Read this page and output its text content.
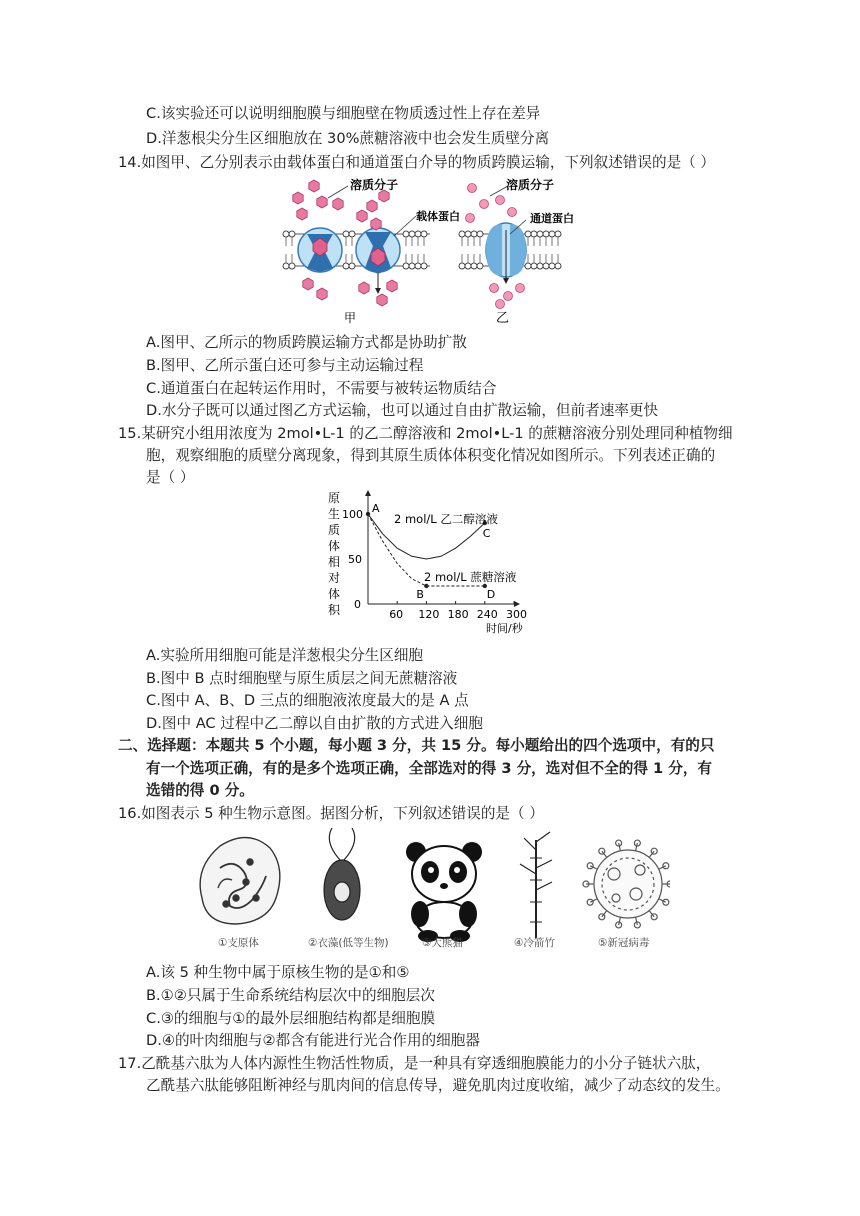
C.该实验还可以说明细胞膜与细胞壁在物质透过性上存在差异
D.洋葱根尖分生区细胞放在 30%蔗糖溶液中也会发生质壁分离
14.如图甲、乙分别表示由载体蛋白和通道蛋白介导的物质跨膜运输，下列叙述错误的是（ ）
溶质分子
载体蛋白
溶质分子
通道蛋白
甲	乙
A.图甲、乙所示的物质跨膜运输方式都是协助扩散
B.图甲、乙所示蛋白还可参与主动运输过程
C.通道蛋白在起转运作用时，不需要与被转运物质结合
D.水分子既可以通过图乙方式运输，也可以通过自由扩散运输，但前者速率更快
15.某研究小组用浓度为 2mol•L-1 的乙二醇溶液和 2mol•L-1 的蔗糖溶液分别处理同种植物细
胞，观察细胞的质壁分离现象，得到其原生质体体积变化情况如图所示。下列表述正确的
是（ ）
原
生
质
体
相
对
体
积	60 120 180 240 300
0
50
100 A
B
C
D
2 mol/L 乙二醇溶液
2 mol/L 蔗糖溶液
时间/秒
A.实验所用细胞可能是洋葱根尖分生区细胞
B.图中 B 点时细胞壁与原生质层之间无蔗糖溶液
C.图中 A、B、D 三点的细胞液浓度最大的是 A 点
D.图中 AC 过程中乙二醇以自由扩散的方式进入细胞
二、选择题：本题共 5 个小题，每小题 3 分，共 15 分。每小题给出的四个选项中，有的只
有一个选项正确，有的是多个选项正确，全部选对的得 3 分，选对但不全的得 1 分，有
选错的得 0 分。
16.如图表示 5 种生物示意图。据图分析，下列叙述错误的是（ ）
①支原体	②衣藻(低等生物)	③大熊猫	④冷箭竹	⑤新冠病毒
A.该 5 种生物中属于原核生物的是①和⑤
B.①②只属于生命系统结构层次中的细胞层次
C.③的细胞与①的最外层细胞结构都是细胞膜
D.④的叶肉细胞与②都含有能进行光合作用的细胞器
17.乙酰基六肽为人体内源性生物活性物质，是一种具有穿透细胞膜能力的小分子链状六肽，
乙酰基六肽能够阻断神经与肌肉间的信息传导，避免肌肉过度收缩，减少了动态纹的发生。
